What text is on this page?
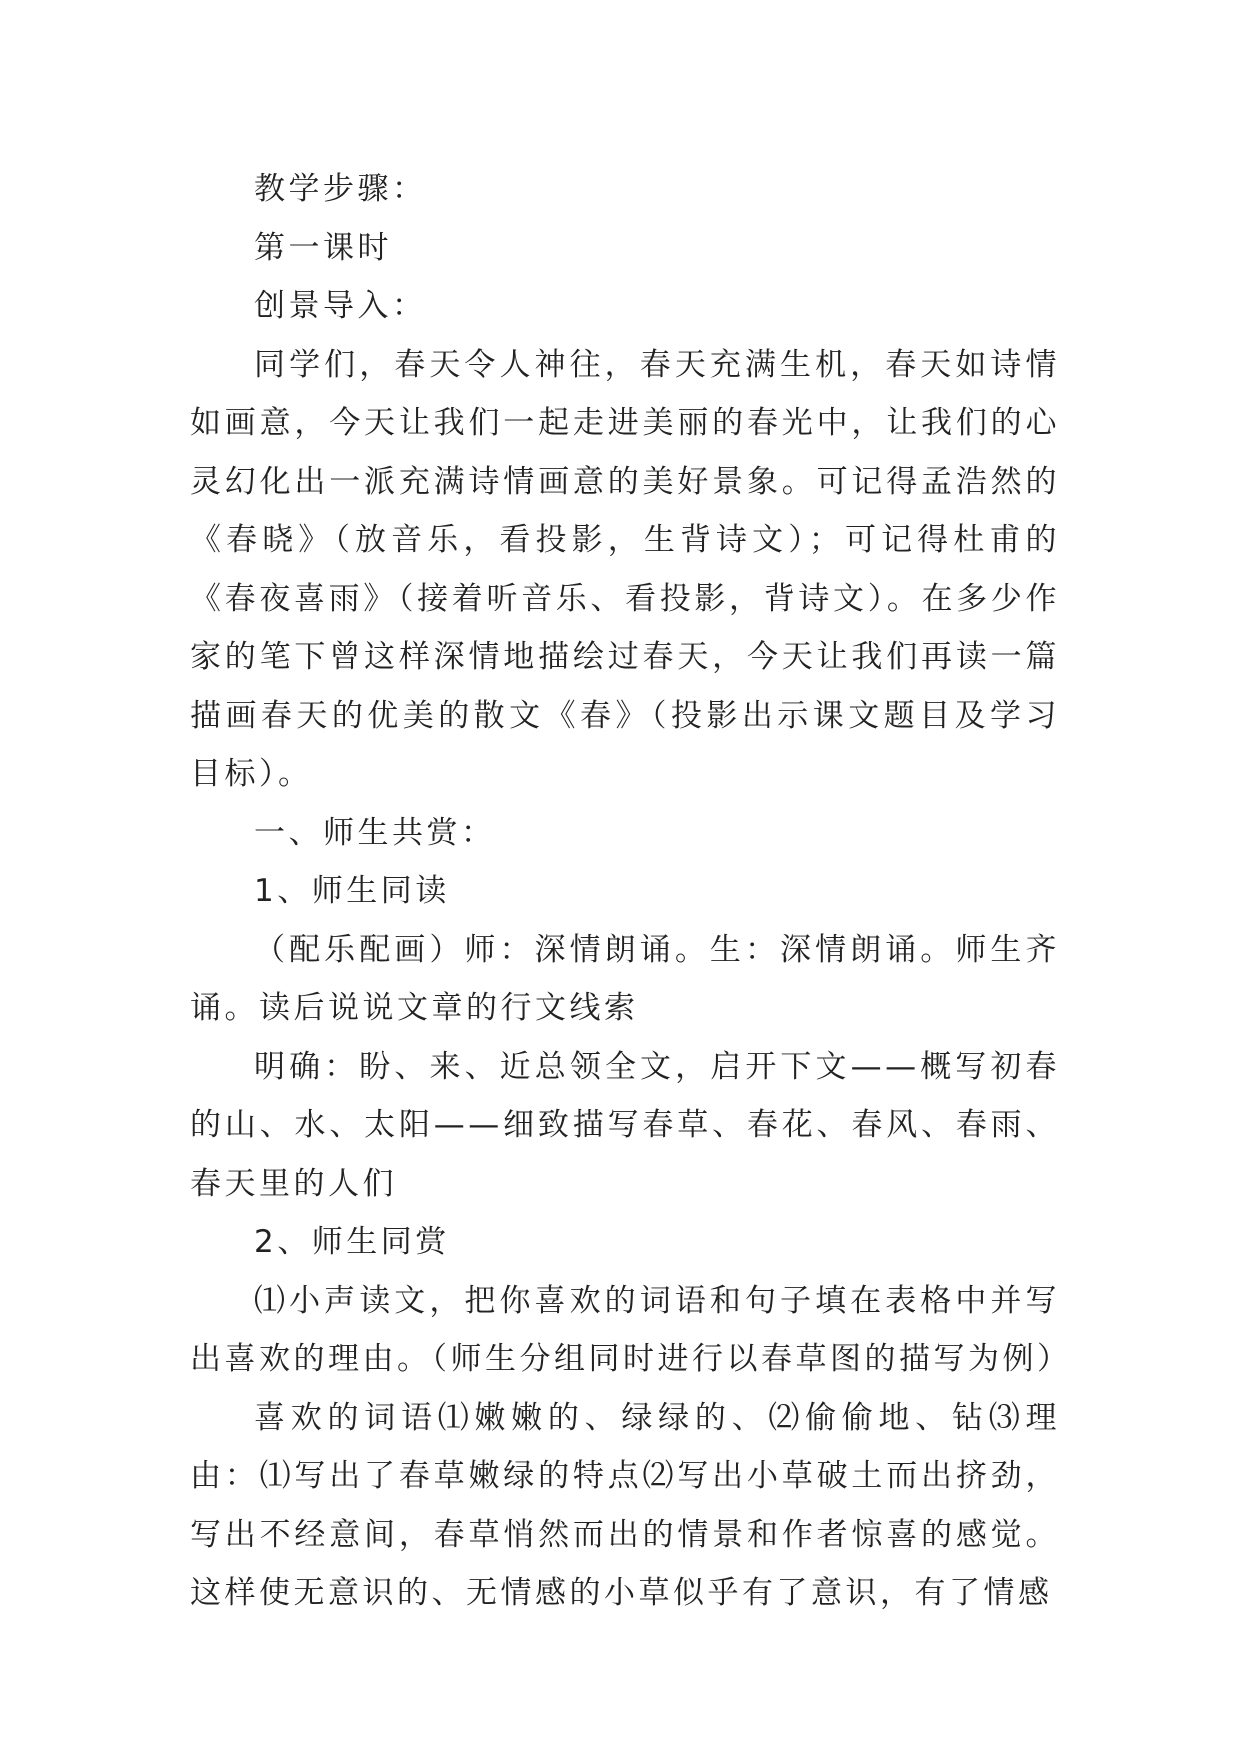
教学步骤：

第一课时

创景导入：

同学们，春天令人神往，春天充满生机，春天如诗情如画意，今天让我们一起走进美丽的春光中，让我们的心灵幻化出一派充满诗情画意的美好景象。可记得孟浩然的《春晓》（放音乐，看投影，生背诗文）；可记得杜甫的《春夜喜雨》（接着听音乐、看投影，背诗文）。在多少作家的笔下曾这样深情地描绘过春天，今天让我们再读一篇描画春天的优美的散文《春》（投影出示课文题目及学习目标）。

一、师生共赏：

1、师生同读

（配乐配画）师：深情朗诵。生：深情朗诵。师生齐诵。读后说说文章的行文线索

明确：盼、来、近总领全文，启开下文——概写初春的山、水、太阳——细致描写春草、春花、春风、春雨、春天里的人们

2、师生同赏

⑴小声读文，把你喜欢的词语和句子填在表格中并写出喜欢的理由。（师生分组同时进行以春草图的描写为例）

喜欢的词语⑴嫩嫩的、绿绿的、⑵偷偷地、钻⑶理由：⑴写出了春草嫩绿的特点⑵写出小草破土而出挤劲，写出不经意间，春草悄然而出的情景和作者惊喜的感觉。这样使无意识的、无情感的小草似乎有了意识，有了情感
